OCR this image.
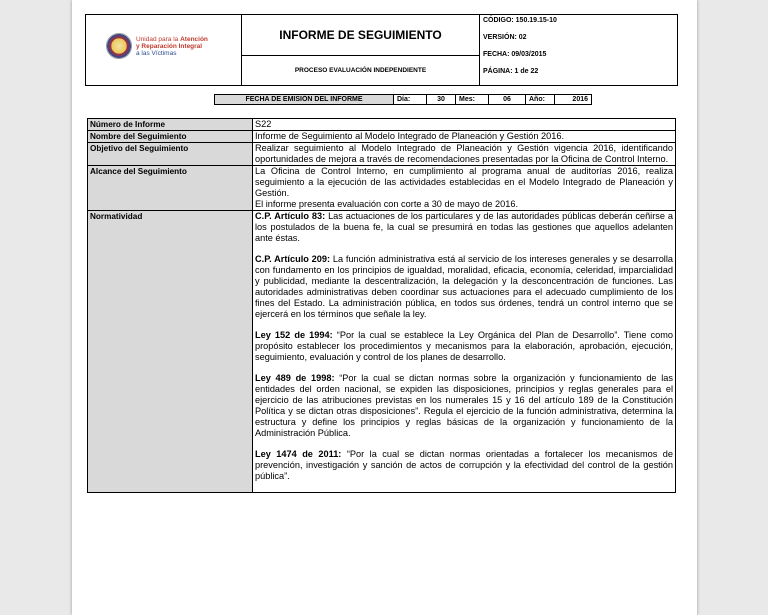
Unidad para la Atención
y Reparación Integral
a las Víctimas
INFORME DE SEGUIMIENTO
PROCESO EVALUACIÓN INDEPENDIENTE
CÓDIGO: 150.19.15-10
VERSIÓN: 02
FECHA: 09/03/2015
PÁGINA: 1 de 22
FECHA DE EMISIÓN DEL INFORME	Día:	30	Mes:	06	Año:	2016
Número de Informe	S22
Nombre del Seguimiento	Informe de Seguimiento al Modelo Integrado de Planeación y Gestión 2016.
Objetivo del Seguimiento	Realizar seguimiento al Modelo Integrado de Planeación y Gestión vigencia 2016, identificando oportunidades de mejora a través de recomendaciones presentadas por la Oficina de Control Interno.
Alcance del Seguimiento	La Oficina de Control Interno, en cumplimiento al programa anual de auditorías 2016, realiza seguimiento a la ejecución de las actividades establecidas en el Modelo Integrado de Planeación y Gestión.
El informe presenta evaluación con corte a 30 de mayo de 2016.

Normatividad	C.P. Artículo 83: Las actuaciones de los particulares y de las autoridades públicas deberán ceñirse a los postulados de la buena fe, la cual se presumirá en todas las gestiones que aquellos adelanten ante éstas.

C.P. Artículo 209: La función administrativa está al servicio de los intereses generales y se desarrolla con fundamento en los principios de igualdad, moralidad, eficacia, economía, celeridad, imparcialidad y publicidad, mediante la descentralización, la delegación y la desconcentración de funciones. Las autoridades administrativas deben coordinar sus actuaciones para el adecuado cumplimiento de los fines del Estado. La administración pública, en todos sus órdenes, tendrá un control interno que se ejercerá en los términos que señale la ley.

Ley 152 de 1994: “Por la cual se establece la Ley Orgánica del Plan de Desarrollo”. Tiene como propósito establecer los procedimientos y mecanismos para la elaboración, aprobación, ejecución, seguimiento, evaluación y control de los planes de desarrollo.

Ley 489 de 1998: “Por la cual se dictan normas sobre la organización y funcionamiento de las entidades del orden nacional, se expiden las disposiciones, principios y reglas generales para el ejercicio de las atribuciones previstas en los numerales 15 y 16 del artículo 189 de la Constitución Política y se dictan otras disposiciones”. Regula el ejercicio de la función administrativa, determina la estructura y define los principios y reglas básicas de la organización y funcionamiento de la Administración Pública.

Ley 1474 de 2011: “Por la cual se dictan normas orientadas a fortalecer los mecanismos de prevención, investigación y sanción de actos de corrupción y la efectividad del control de la gestión pública”.
